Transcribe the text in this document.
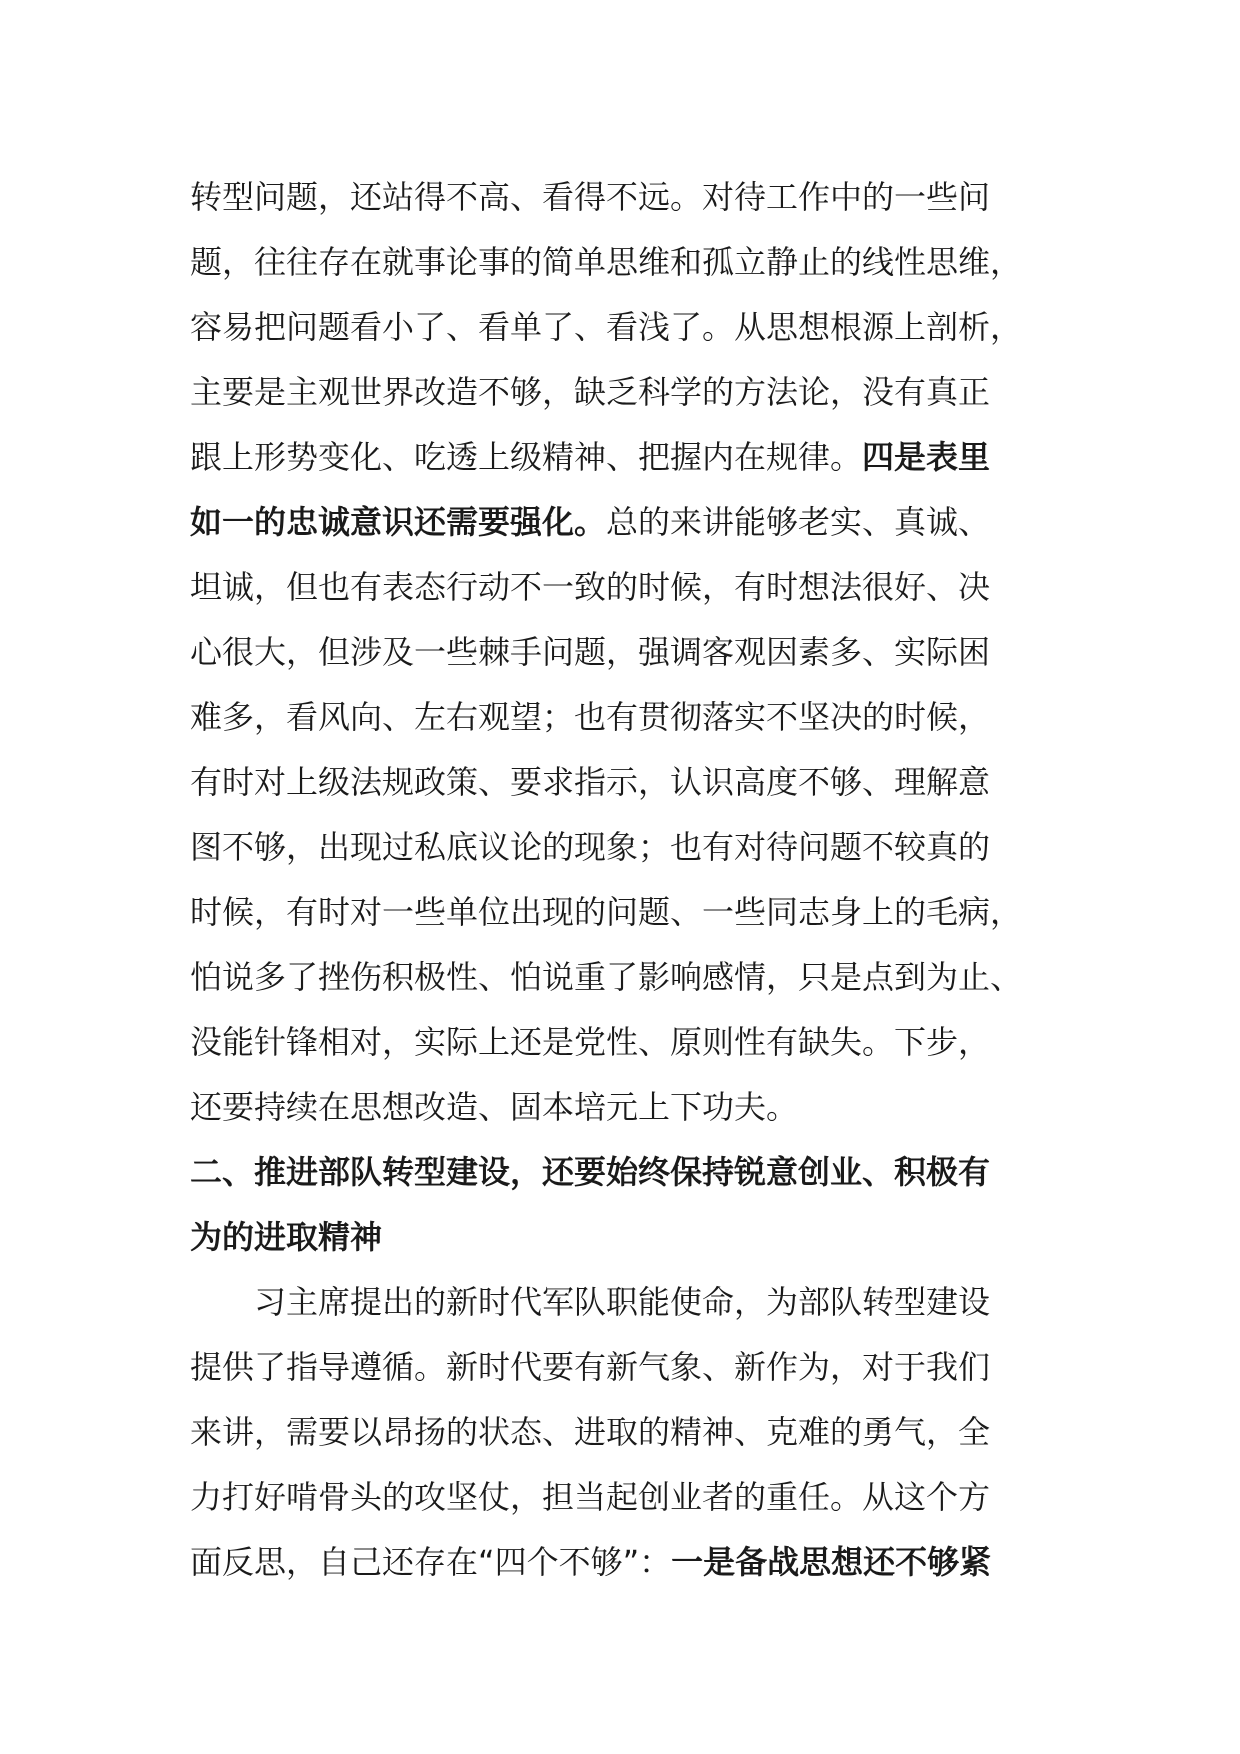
转型问题，还站得不高、看得不远。对待工作中的一些问
题，往往存在就事论事的简单思维和孤立静止的线性思维，
容易把问题看小了、看单了、看浅了。从思想根源上剖析，
主要是主观世界改造不够，缺乏科学的方法论，没有真正
跟上形势变化、吃透上级精神、把握内在规律。四是表里
如一的忠诚意识还需要强化。总的来讲能够老实、真诚、
坦诚，但也有表态行动不一致的时候，有时想法很好、决
心很大，但涉及一些棘手问题，强调客观因素多、实际困
难多，看风向、左右观望；也有贯彻落实不坚决的时候，
有时对上级法规政策、要求指示，认识高度不够、理解意
图不够，出现过私底议论的现象；也有对待问题不较真的
时候，有时对一些单位出现的问题、一些同志身上的毛病，
怕说多了挫伤积极性、怕说重了影响感情，只是点到为止、
没能针锋相对，实际上还是党性、原则性有缺失。下步，
还要持续在思想改造、固本培元上下功夫。
二、推进部队转型建设，还要始终保持锐意创业、积极有
为的进取精神
　　习主席提出的新时代军队职能使命，为部队转型建设
提供了指导遵循。新时代要有新气象、新作为，对于我们
来讲，需要以昂扬的状态、进取的精神、克难的勇气，全
力打好啃骨头的攻坚仗，担当起创业者的重任。从这个方
面反思，自己还存在“四个不够”：一是备战思想还不够紧
